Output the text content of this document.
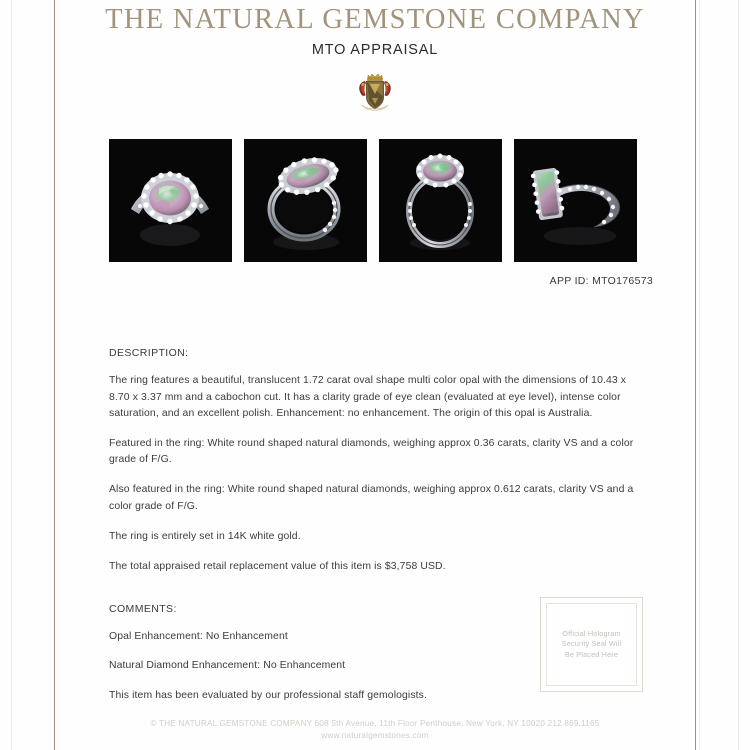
THE NATURAL GEMSTONE COMPANY
MTO APPRAISAL
APP ID: MTO176573
DESCRIPTION:

The ring features a beautiful, translucent 1.72 carat oval shape multi color opal with the dimensions of 10.43 x 8.70 x 3.37 mm and a cabochon cut. It has a clarity grade of eye clean (evaluated at eye level), intense color saturation, and an excellent polish. Enhancement: no enhancement. The origin of this opal is Australia.

Featured in the ring: White round shaped natural diamonds, weighing approx 0.36 carats, clarity VS and a color grade of F/G.

Also featured in the ring: White round shaped natural diamonds, weighing approx 0.612 carats, clarity VS and a color grade of F/G.

The ring is entirely set in 14K white gold.

The total appraised retail replacement value of this item is $3,758 USD.

COMMENTS:

Opal Enhancement: No Enhancement

Natural Diamond Enhancement: No Enhancement

This item has been evaluated by our professional staff gemologists.

Official Hologram
Security Seal Will
Be Placed Here
© THE NATURAL GEMSTONE COMPANY 608 5th Avenue, 11th Floor Penthouse, New York, NY 10020 212.869.1165
www.naturalgemstones.com
